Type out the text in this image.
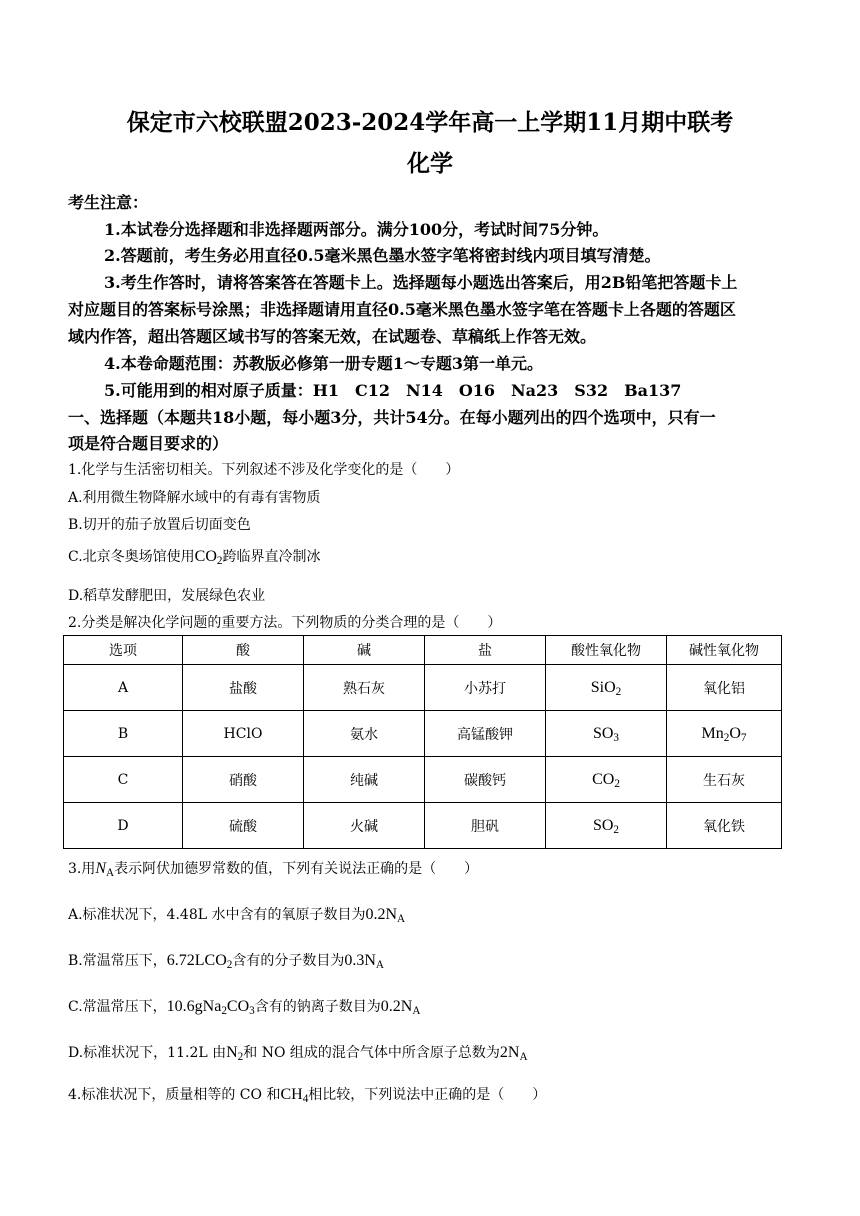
保定市六校联盟2023-2024学年高一上学期11月期中联考
化学
考生注意：
1.本试卷分选择题和非选择题两部分。满分100分，考试时间75分钟。
2.答题前，考生务必用直径0.5毫米黑色墨水签字笔将密封线内项目填写清楚。
3.考生作答时，请将答案答在答题卡上。选择题每小题选出答案后，用2B铅笔把答题卡上
对应题目的答案标号涂黑；非选择题请用直径0.5毫米黑色墨水签字笔在答题卡上各题的答题区
域内作答，超出答题区域书写的答案无效，在试题卷、草稿纸上作答无效。
4.本卷命题范围：苏教版必修第一册专题1～专题3第一单元。
5.可能用到的相对原子质量：H1　C12　N14　O16　Na23　S32　Ba137
一、选择题（本题共18小题，每小题3分，共计54分。在每小题列出的四个选项中，只有一
项是符合题目要求的）
1.化学与生活密切相关。下列叙述不涉及化学变化的是（　　）
A.利用微生物降解水域中的有毒有害物质
B.切开的茄子放置后切面变色
C.北京冬奥场馆使用$CO_2$跨临界直冷制冰
D.稻草发酵肥田，发展绿色农业
2.分类是解决化学问题的重要方法。下列物质的分类合理的是（　　）
选项	酸	碱	盐	酸性氧化物	碱性氧化物
A	盐酸	熟石灰	小苏打	SiO$_2$	氧化铝
B	HClO	氨水	高锰酸钾	$SO_3$	$Mn_2O_7$
C	硝酸	纯碱	碳酸钙	$CO_2$	生石灰
D	硫酸	火碱	胆矾	$SO_2$	氧化铁
3.用$N_A$表示阿伏加德罗常数的值，下列有关说法正确的是（　　）
A.标准状况下，4.48L 水中含有的氧原子数目为$0.2N_A$
B.常温常压下，$6.72LCO_2$含有的分子数目为$0.3N_A$
C.常温常压下，$10.6gNa_2CO_3$含有的钠离子数目为$0.2N_A$
D.标准状况下，11.2L 由$N_2$和 NO 组成的混合气体中所含原子总数为$2N_A$
4.标准状况下，质量相等的 CO 和$CH_4$相比较，下列说法中正确的是（　　）
